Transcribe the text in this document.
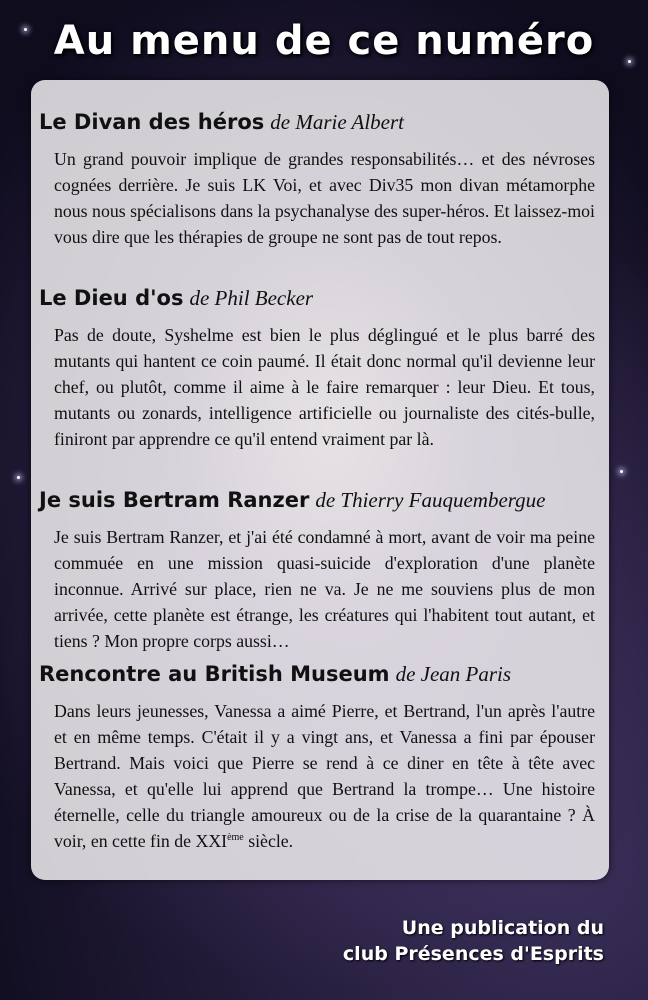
Au menu de ce numéro

Le Divan des héros de Marie Albert

Un grand pouvoir implique de grandes responsabilités… et des névroses cognées derrière. Je suis LK Voi, et avec Div35 mon divan métamorphe nous nous spécialisons dans la psychanalyse des super-héros. Et laissez-moi vous dire que les thérapies de groupe ne sont pas de tout repos.

Le Dieu d'os de Phil Becker

Pas de doute, Syshelme est bien le plus déglingué et le plus barré des mutants qui hantent ce coin paumé. Il était donc normal qu'il devienne leur chef, ou plutôt, comme il aime à le faire remarquer : leur Dieu. Et tous, mutants ou zonards, intelligence artificielle ou journaliste des cités-bulle, finiront par apprendre ce qu'il entend vraiment par là.

Je suis Bertram Ranzer de Thierry Fauquembergue

Je suis Bertram Ranzer, et j'ai été condamné à mort, avant de voir ma peine commuée en une mission quasi-suicide d'exploration d'une planète inconnue. Arrivé sur place, rien ne va. Je ne me souviens plus de mon arrivée, cette planète est étrange, les créatures qui l'habitent tout autant, et tiens ? Mon propre corps aussi…

Rencontre au British Museum de Jean Paris

Dans leurs jeunesses, Vanessa a aimé Pierre, et Bertrand, l'un après l'autre et en même temps. C'était il y a vingt ans, et Vanessa a fini par épouser Bertrand. Mais voici que Pierre se rend à ce diner en tête à tête avec Vanessa, et qu'elle lui apprend que Bertrand la trompe… Une histoire éternelle, celle du triangle amoureux ou de la crise de la quarantaine ? À voir, en cette fin de XXIème siècle.

Une publication du
club Présences d'Esprits
